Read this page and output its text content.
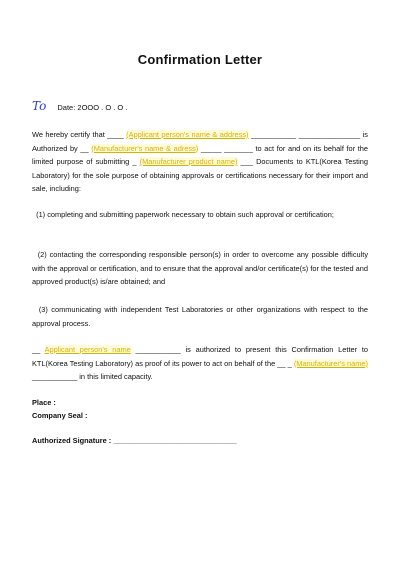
Confirmation Letter
To Date: 2OOO . O . O .
We hereby certify that ____ (Applicant person's name & address) ___________ _______________ is Authorized by __ (Manufacturer's name & adress) _____ _______ to act for and on its behalf for the limited purpose of submitting _ (Manufacturer product name) ___ Documents to KTL(Korea Testing Laboratory) for the sole purpose of obtaining approvals or certifications necessary for their import and sale, including:
(1) completing and submitting paperwork necessary to obtain such approval or certification;
(2) contacting the corresponding responsible person(s) in order to overcome any possible difficulty with the approval or certification, and to ensure that the approval and/or certificate(s) for the tested and approved product(s) is/are obtained; and
(3) communicating with independent Test Laboratories or other organizations with respect to the approval process.
__ Applicant person's name ___________ is authorized to present this Confirmation Letter to KTL(Korea Testing Laboratory) as proof of its power to act on behalf of the __ _ (Manufacturer's name) ___________ in this limited capacity.
Place :
Company Seal :
Authorized Signature : ______________________________
